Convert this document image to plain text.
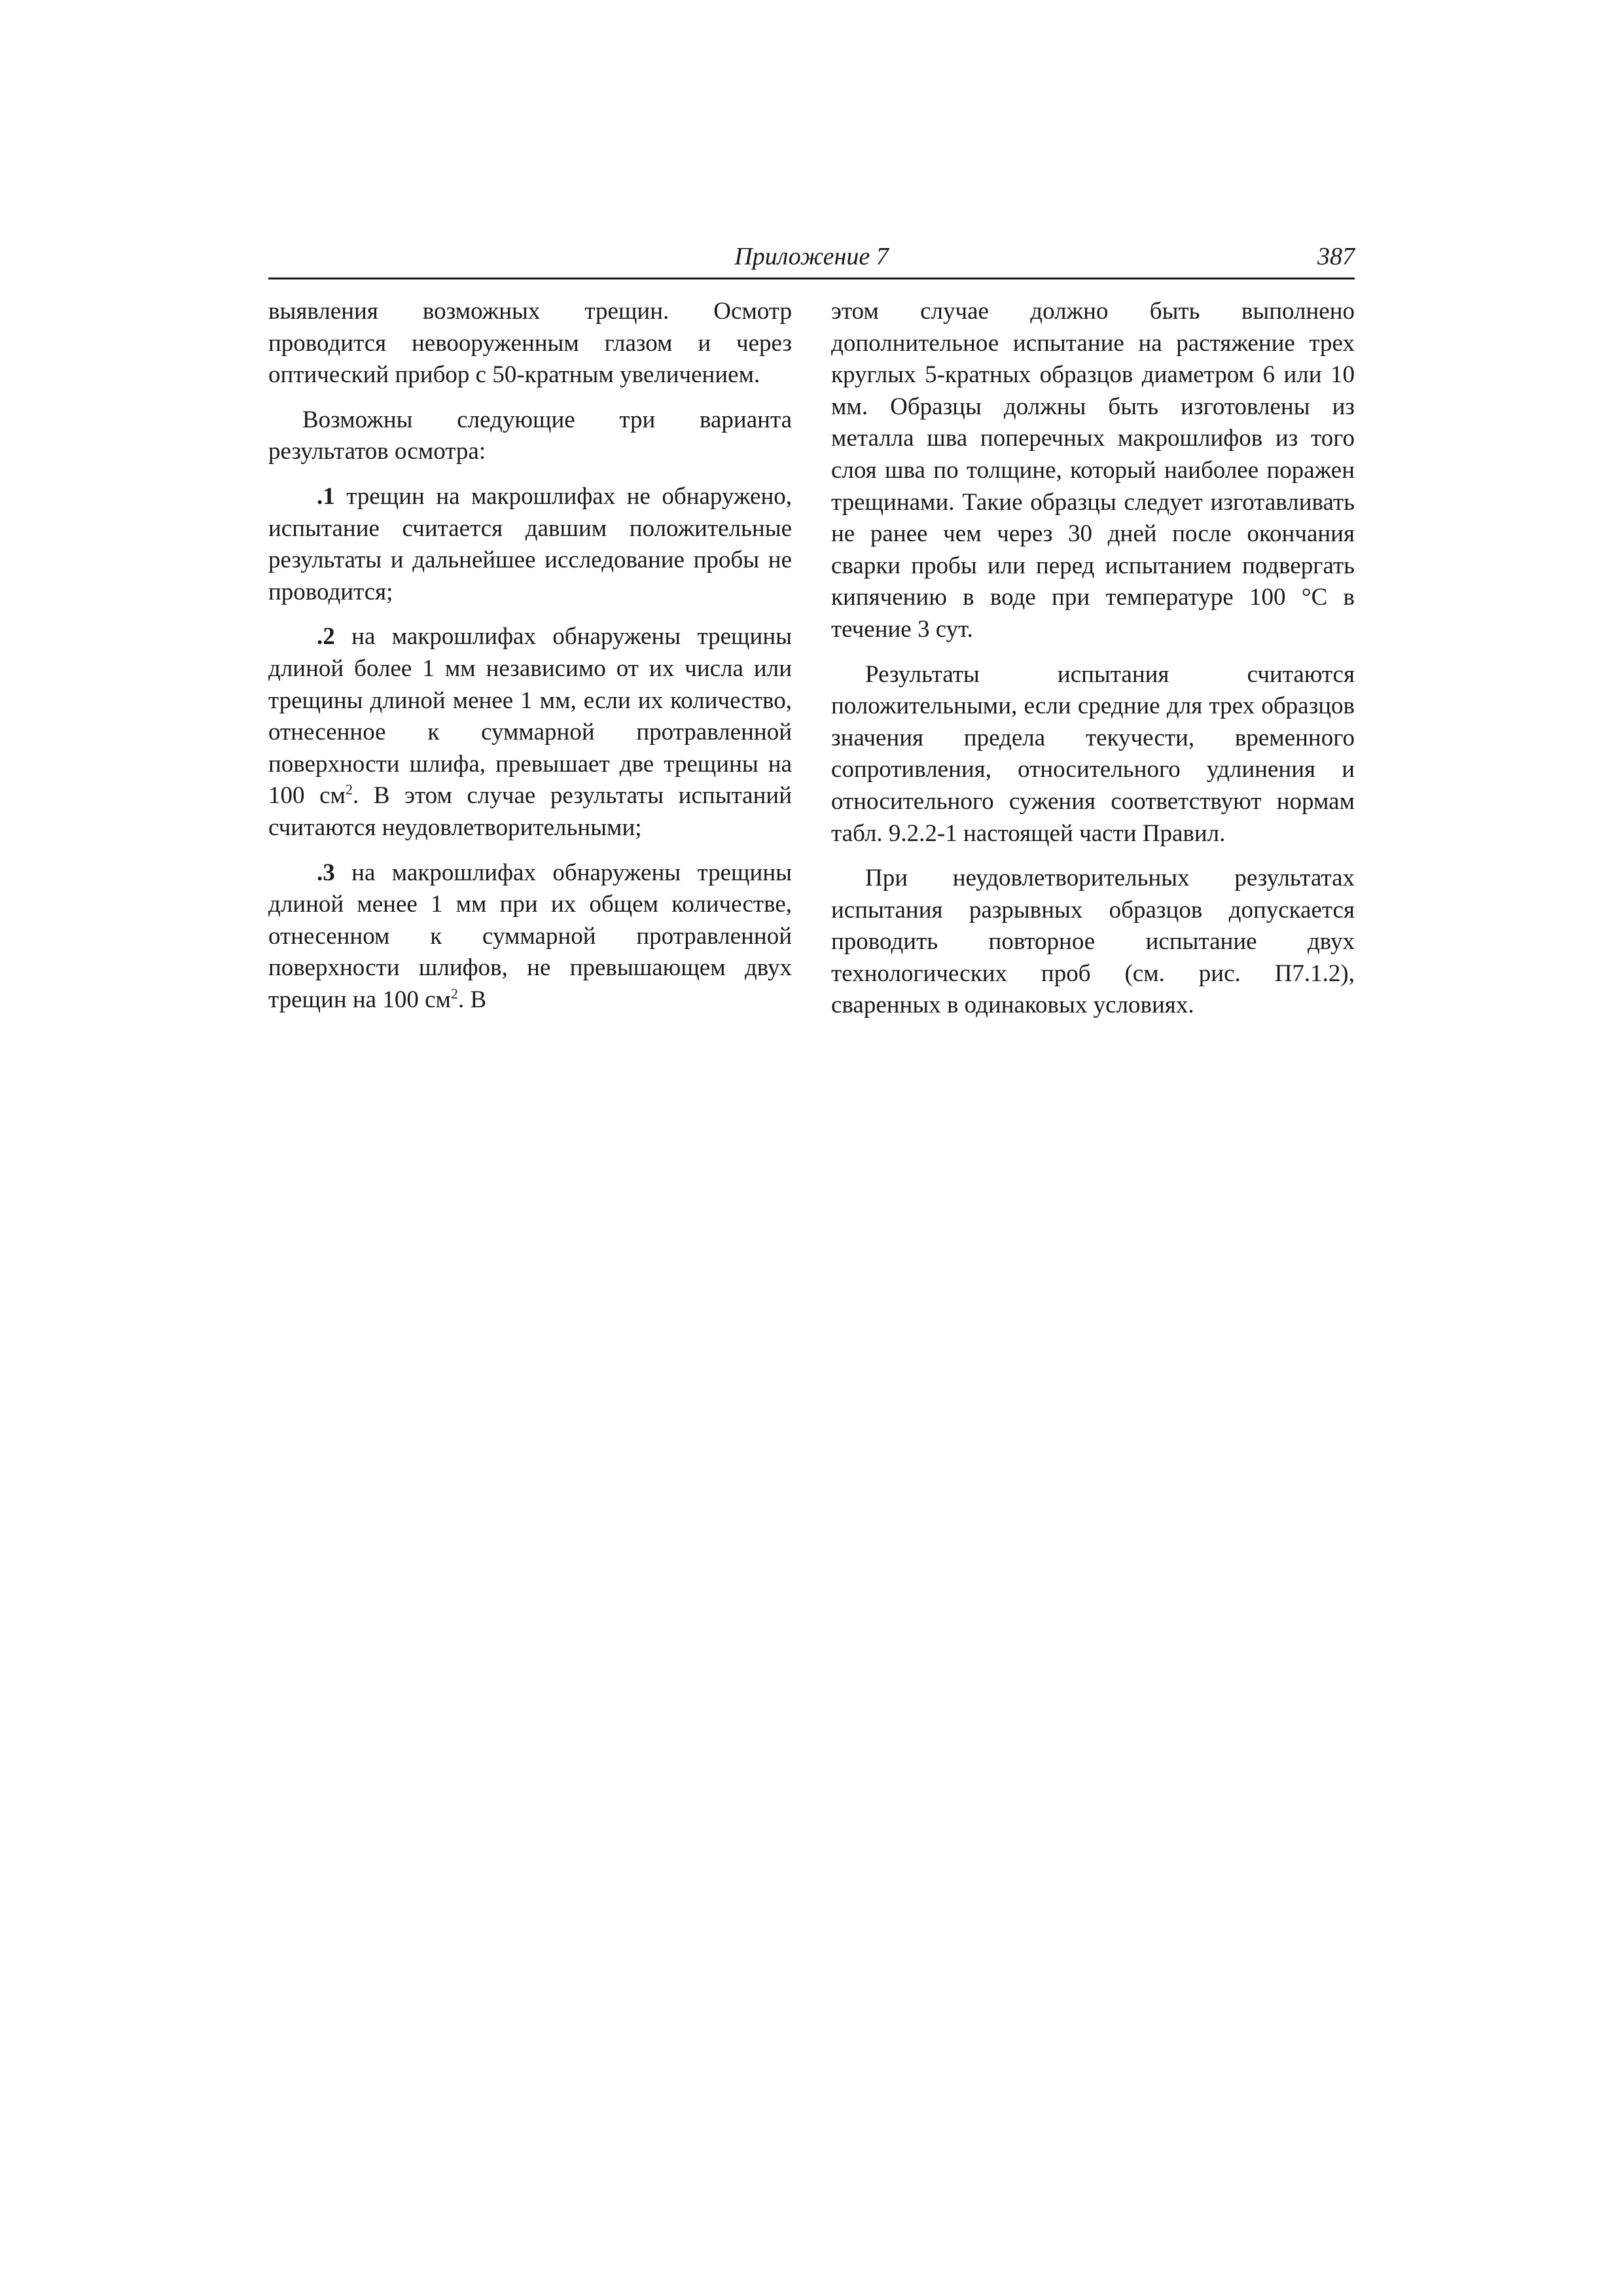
Приложение 7	387

выявления возможных трещин. Осмотр проводится невооруженным глазом и через оптический прибор с 50-кратным увеличением.

Возможны следующие три варианта результатов осмотра:

.1 трещин на макрошлифах не обнаружено, испытание считается давшим положительные результаты и дальнейшее исследование пробы не проводится;

.2 на макрошлифах обнаружены трещины длиной более 1 мм независимо от их числа или трещины длиной менее 1 мм, если их количество, отнесенное к суммарной протравленной поверхности шлифа, превышает две трещины на 100 $см^2$. В этом случае результаты испытаний считаются неудовлетворительными;

.3 на макрошлифах обнаружены трещины длиной менее 1 мм при их общем количестве, отнесенном к суммарной протравленной поверхности шлифов, не превышающем двух трещин на 100 $см^2$. В

этом случае должно быть выполнено дополнительное испытание на растяжение трех круглых 5-кратных образцов диаметром 6 или 10 мм. Образцы должны быть изготовлены из металла шва поперечных макрошлифов из того слоя шва по толщине, который наиболее поражен трещинами. Такие образцы следует изготавливать не ранее чем через 30 дней после окончания сварки пробы или перед испытанием подвергать кипячению в воде при температуре 100 °С в течение 3 сут.

Результаты испытания считаются положительными, если средние для трех образцов значения предела текучести, временного сопротивления, относительного удлинения и относительного сужения соответствуют нормам табл. 9.2.2-1 настоящей части Правил.

При неудовлетворительных результатах испытания разрывных образцов допускается проводить повторное испытание двух технологических проб (см. рис. П7.1.2), сваренных в одинаковых условиях.
